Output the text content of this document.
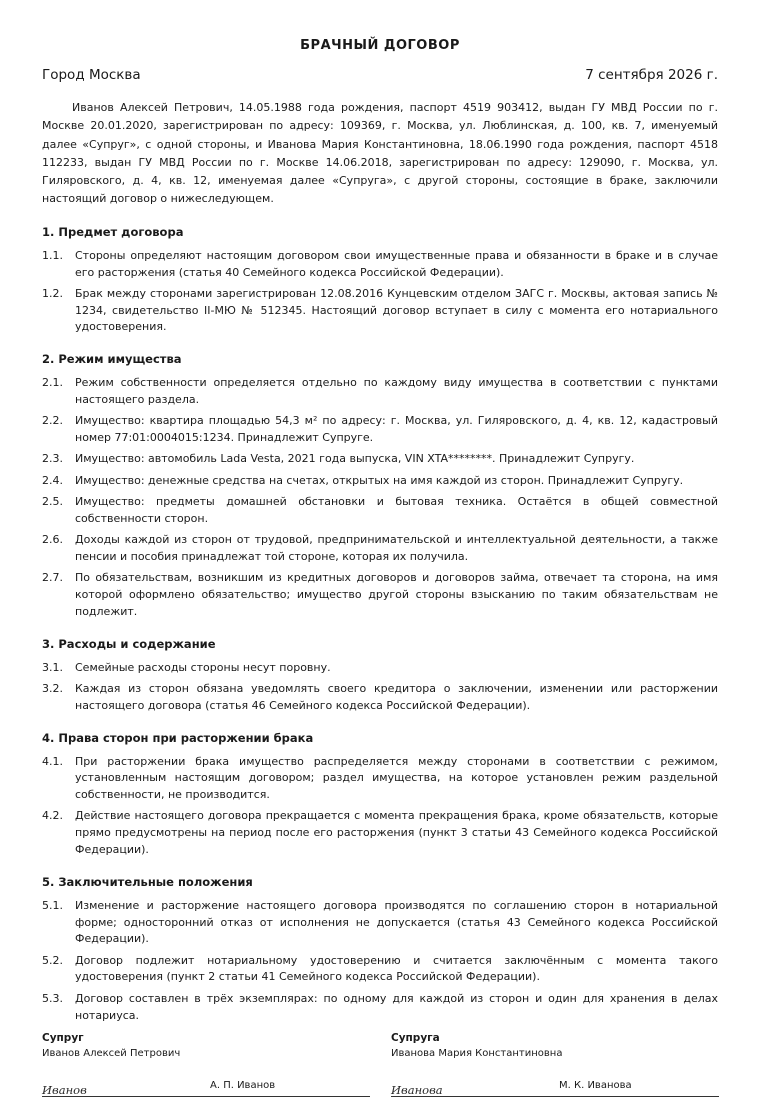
БРАЧНЫЙ ДОГОВОР
Город Москва	7 сентября 2026 г.

Иванов Алексей Петрович, 14.05.1988 года рождения, паспорт 4519 903412, выдан ГУ МВД России по г. Москве 20.01.2020, зарегистрирован по адресу: 109369, г. Москва, ул. Люблинская, д. 100, кв. 7, именуемый далее «Супруг», с одной стороны, и Иванова Мария Константиновна, 18.06.1990 года рождения, паспорт 4518 112233, выдан ГУ МВД России по г. Москве 14.06.2018, зарегистрирован по адресу: 129090, г. Москва, ул. Гиляровского, д. 4, кв. 12, именуемая далее «Супруга», с другой стороны, состоящие в браке, заключили настоящий договор о нижеследующем.

1. Предмет договора
1.1.	Стороны определяют настоящим договором свои имущественные права и обязанности в браке и в случае его расторжения (статья 40 Семейного кодекса Российской Федерации).
1.2.	Брак между сторонами зарегистрирован 12.08.2016 Кунцевским отделом ЗАГС г. Москвы, актовая запись № 1234, свидетельство II-МЮ № 512345. Настоящий договор вступает в силу с момента его нотариального удостоверения.
2. Режим имущества
2.1.	Режим собственности определяется отдельно по каждому виду имущества в соответствии с пунктами настоящего раздела.
2.2.	Имущество: квартира площадью 54,3 м² по адресу: г. Москва, ул. Гиляровского, д. 4, кв. 12, кадастровый номер 77:01:0004015:1234. Принадлежит Супруге.
2.3.	Имущество: автомобиль Lada Vesta, 2021 года выпуска, VIN XTA********. Принадлежит Супругу.
2.4.	Имущество: денежные средства на счетах, открытых на имя каждой из сторон. Принадлежит Супругу.
2.5.	Имущество: предметы домашней обстановки и бытовая техника. Остаётся в общей совместной собственности сторон.
2.6.	Доходы каждой из сторон от трудовой, предпринимательской и интеллектуальной деятельности, а также пенсии и пособия принадлежат той стороне, которая их получила.
2.7.	По обязательствам, возникшим из кредитных договоров и договоров займа, отвечает та сторона, на имя которой оформлено обязательство; имущество другой стороны взысканию по таким обязательствам не подлежит.
3. Расходы и содержание
3.1.	Семейные расходы стороны несут поровну.
3.2.	Каждая из сторон обязана уведомлять своего кредитора о заключении, изменении или расторжении настоящего договора (статья 46 Семейного кодекса Российской Федерации).
4. Права сторон при расторжении брака
4.1.	При расторжении брака имущество распределяется между сторонами в соответствии с режимом, установленным настоящим договором; раздел имущества, на которое установлен режим раздельной собственности, не производится.
4.2.	Действие настоящего договора прекращается с момента прекращения брака, кроме обязательств, которые прямо предусмотрены на период после его расторжения (пункт 3 статьи 43 Семейного кодекса Российской Федерации).
5. Заключительные положения
5.1.	Изменение и расторжение настоящего договора производятся по соглашению сторон в нотариальной форме; односторонний отказ от исполнения не допускается (статья 43 Семейного кодекса Российской Федерации).
5.2.	Договор подлежит нотариальному удостоверению и считается заключённым с момента такого удостоверения (пункт 2 статьи 41 Семейного кодекса Российской Федерации).
5.3.	Договор составлен в трёх экземплярах: по одному для каждой из сторон и один для хранения в делах нотариуса.

Супруг

Иванов Алексей Петрович

Иванов	А. П. Иванов

Супруга

Иванова Мария Константиновна

Иванова	М. К. Иванова
